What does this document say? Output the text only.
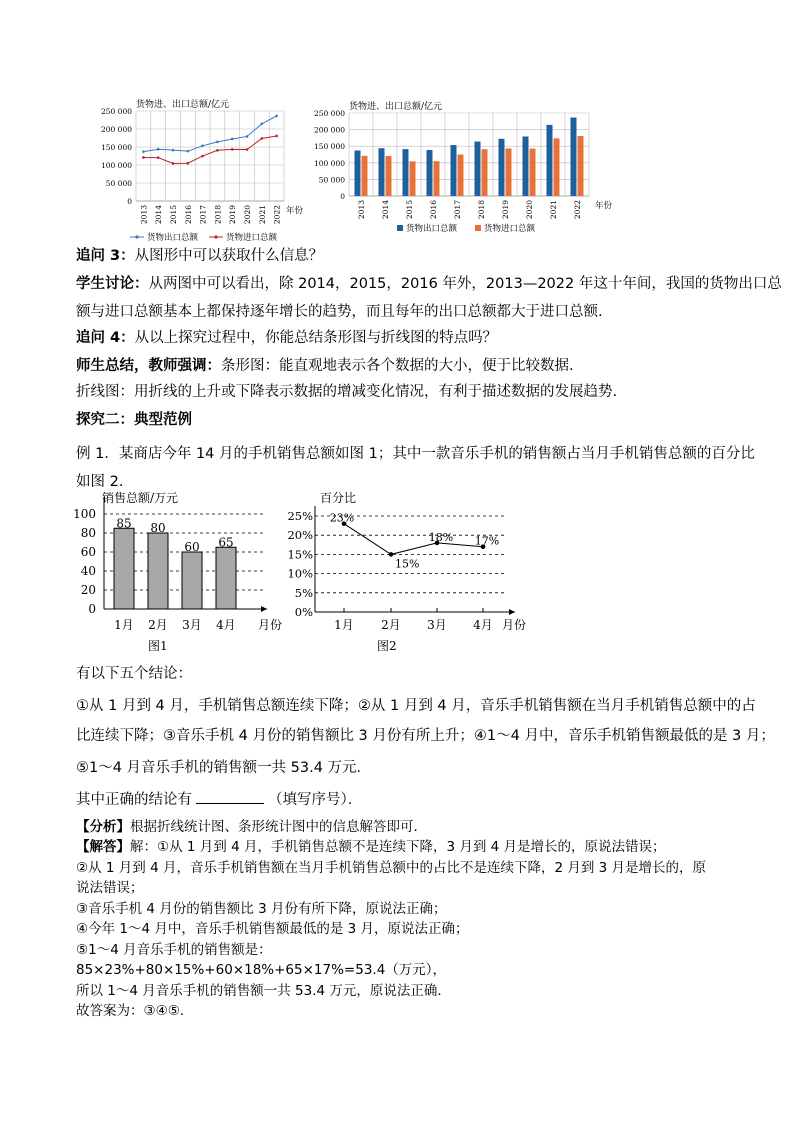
货物进、出口总额/亿元
250 000
200 000
150 000
100 000
50 000
0
2013 2014 2015 2016 2017 2018 2019 2020 2021 2022 年份
货物出口总额	货物进口总额
货物进、出口总额/亿元
250 000
200 000
150 000
100 000
50 000
0
2013 2014 2015 2016 2017 2018 2019 2020 2021 2022 年份
货物出口总额	货物进口总额
追问 3：从图形中可以获取什么信息？
学生讨论：从两图中可以看出，除 2014，2015，2016 年外，2013—2022 年这十年间，我国的货物出口总
额与进口总额基本上都保持逐年增长的趋势，而且每年的出口总额都大于进口总额.
追问 4：从以上探究过程中，你能总结条形图与折线图的特点吗？
师生总结，教师强调：条形图：能直观地表示各个数据的大小，便于比较数据.
折线图：用折线的上升或下降表示数据的增减变化情况，有利于描述数据的发展趋势.
探究二：典型范例
例 1．某商店今年 14 月的手机销售总额如图 1；其中一款音乐手机的销售额占当月手机销售总额的百分比
如图 2.
销售总额/万元
100
80
60
40
20
0
85 80
60 65
1月 2月 3月 4月 月份
图1
百分比
25%
20%
15%
10%
5%
0%
23%
15%
18% 17%
1月 2月 3月 4月 月份
图2
有以下五个结论：
①从 1 月到 4 月，手机销售总额连续下降；②从 1 月到 4 月，音乐手机销售额在当月手机销售总额中的占
比连续下降；③音乐手机 4 月份的销售额比 3 月份有所上升；④1～4 月中，音乐手机销售额最低的是 3 月；
⑤1～4 月音乐手机的销售额一共 53.4 万元．
其中正确的结论有	（填写序号）．
【分析】根据折线统计图、条形统计图中的信息解答即可．
【解答】解：①从 1 月到 4 月，手机销售总额不是连续下降，3 月到 4 月是增长的，原说法错误；
②从 1 月到 4 月，音乐手机销售额在当月手机销售总额中的占比不是连续下降，2 月到 3 月是增长的，原
说法错误；
③音乐手机 4 月份的销售额比 3 月份有所下降，原说法正确；
④今年 1～4 月中，音乐手机销售额最低的是 3 月，原说法正确；
⑤1～4 月音乐手机的销售额是：
85×23%+80×15%+60×18%+65×17%=53.4（万元），
所以 1～4 月音乐手机的销售额一共 53.4 万元，原说法正确．
故答案为：③④⑤.
